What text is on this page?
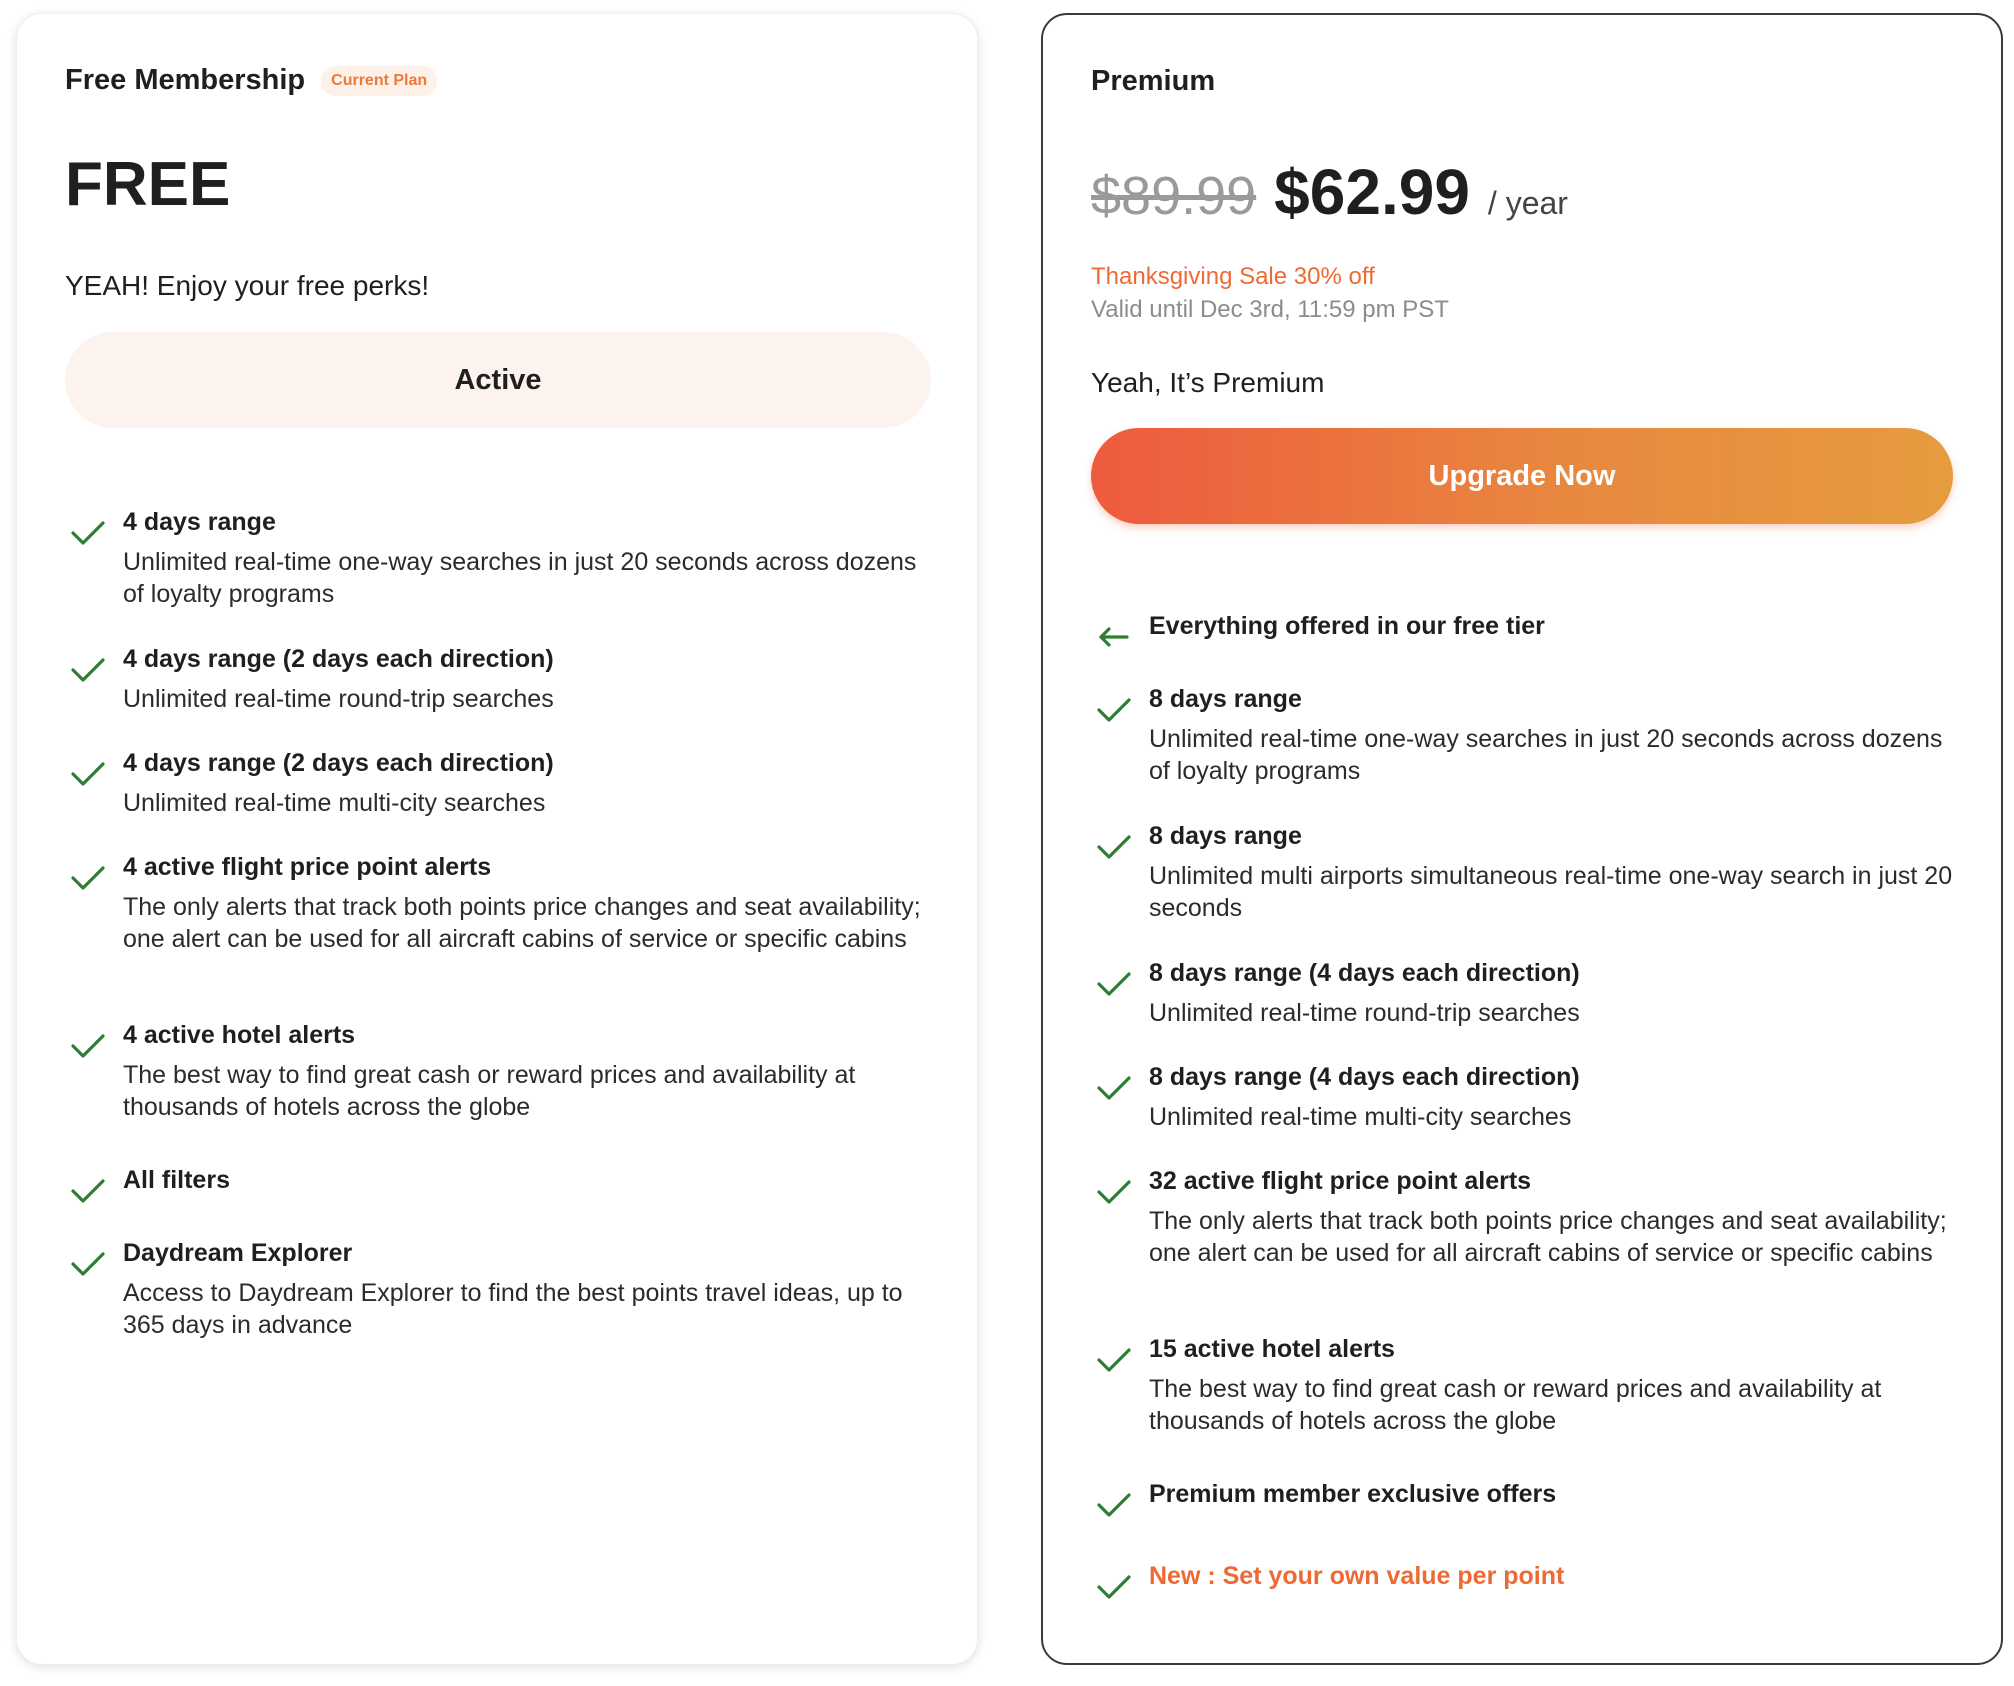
Free Membership	Current Plan
FREE
YEAH! Enjoy your free perks!
Active
4 days range
Unlimited real-time one-way searches in just 20 seconds across dozens of loyalty programs
4 days range (2 days each direction)
Unlimited real-time round-trip searches
4 days range (2 days each direction)
Unlimited real-time multi-city searches
4 active flight price point alerts
The only alerts that track both points price changes and seat availability; one alert can be used for all aircraft cabins of service or specific cabins
4 active hotel alerts
The best way to find great cash or reward prices and availability at thousands of hotels across the globe
All filters
Daydream Explorer
Access to Daydream Explorer to find the best points travel ideas, up to 365 days in advance
Premium
$89.99 $62.99 / year
Thanksgiving Sale 30% off
Valid until Dec 3rd, 11:59 pm PST
Yeah, It’s Premium
Upgrade Now
Everything offered in our free tier
8 days range
Unlimited real-time one-way searches in just 20 seconds across dozens of loyalty programs
8 days range
Unlimited multi airports simultaneous real-time one-way search in just 20 seconds
8 days range (4 days each direction)
Unlimited real-time round-trip searches
8 days range (4 days each direction)
Unlimited real-time multi-city searches
32 active flight price point alerts
The only alerts that track both points price changes and seat availability; one alert can be used for all aircraft cabins of service or specific cabins
15 active hotel alerts
The best way to find great cash or reward prices and availability at thousands of hotels across the globe
Premium member exclusive offers
New : Set your own value per point
